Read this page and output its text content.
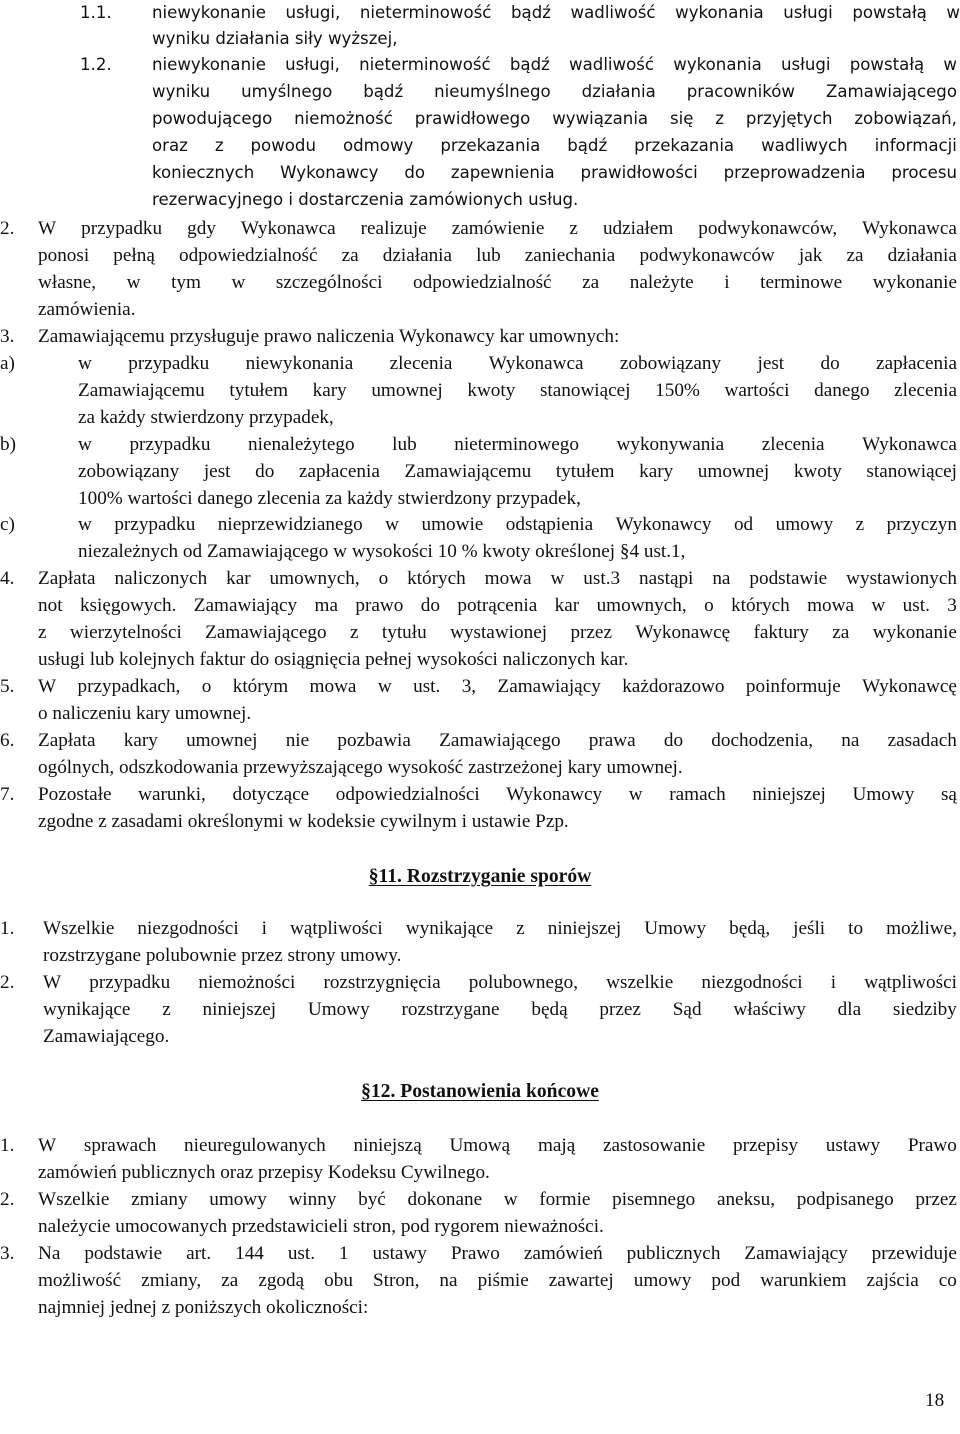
18
1.1. niewykonanie usługi, nieterminowość bądź wadliwość wykonania usługi powstałą w
wyniku działania siły wyższej,
1.2. niewykonanie usługi, nieterminowość bądź wadliwość wykonania usługi powstałą w
wyniku umyślnego bądź nieumyślnego działania pracowników Zamawiającego
powodującego niemożność prawidłowego wywiązania się z przyjętych zobowiązań,
oraz z powodu odmowy przekazania bądź przekazania wadliwych informacji
koniecznych Wykonawcy do zapewnienia prawidłowości przeprowadzenia procesu
rezerwacyjnego i dostarczenia zamówionych usług.
2. W przypadku gdy Wykonawca realizuje zamówienie z udziałem podwykonawców, Wykonawca
ponosi pełną odpowiedzialność za działania lub zaniechania podwykonawców jak za działania
własne, w tym w szczególności odpowiedzialność za należyte i terminowe wykonanie
zamówienia.
3. Zamawiającemu przysługuje prawo naliczenia Wykonawcy kar umownych:
a)	w przypadku niewykonania zlecenia Wykonawca zobowiązany jest do zapłacenia
Zamawiającemu tytułem kary umownej kwoty stanowiącej 150% wartości danego zlecenia
za każdy stwierdzony przypadek,
b)	w przypadku nienależytego lub nieterminowego wykonywania zlecenia Wykonawca
zobowiązany jest do zapłacenia Zamawiającemu tytułem kary umownej kwoty stanowiącej
100% wartości danego zlecenia za każdy stwierdzony przypadek,
c)	w przypadku nieprzewidzianego w umowie odstąpienia Wykonawcy od umowy z przyczyn
niezależnych od Zamawiającego w wysokości 10 % kwoty określonej §4 ust.1,
4. Zapłata naliczonych kar umownych, o których mowa w ust.3 nastąpi na podstawie wystawionych
not księgowych. Zamawiający ma prawo do potrącenia kar umownych, o których mowa w ust. 3
z wierzytelności Zamawiającego z tytułu wystawionej przez Wykonawcę faktury za wykonanie
usługi lub kolejnych faktur do osiągnięcia pełnej wysokości naliczonych kar.
5. W przypadkach, o którym mowa w ust. 3, Zamawiający każdorazowo poinformuje Wykonawcę
o naliczeniu kary umownej.
6. Zapłata kary umownej nie pozbawia Zamawiającego prawa do dochodzenia, na zasadach
ogólnych, odszkodowania przewyższającego wysokość zastrzeżonej kary umownej.
7. Pozostałe warunki, dotyczące odpowiedzialności Wykonawcy w ramach niniejszej Umowy są
zgodne z zasadami określonymi w kodeksie cywilnym i ustawie Pzp.
§11. Rozstrzyganie sporów
1. Wszelkie niezgodności i wątpliwości wynikające z niniejszej Umowy będą, jeśli to możliwe,
rozstrzygane polubownie przez strony umowy.
2. W przypadku niemożności rozstrzygnięcia polubownego, wszelkie niezgodności i wątpliwości
wynikające z niniejszej Umowy rozstrzygane będą przez Sąd właściwy dla siedziby
Zamawiającego.
§12. Postanowienia końcowe
1. W sprawach nieuregulowanych niniejszą Umową mają zastosowanie przepisy ustawy Prawo
zamówień publicznych oraz przepisy Kodeksu Cywilnego.
2. Wszelkie zmiany umowy winny być dokonane w formie pisemnego aneksu, podpisanego przez
należycie umocowanych przedstawicieli stron, pod rygorem nieważności.
3. Na podstawie art. 144 ust. 1 ustawy Prawo zamówień publicznych Zamawiający przewiduje
możliwość zmiany, za zgodą obu Stron, na piśmie zawartej umowy pod warunkiem zajścia co
najmniej jednej z poniższych okoliczności:
